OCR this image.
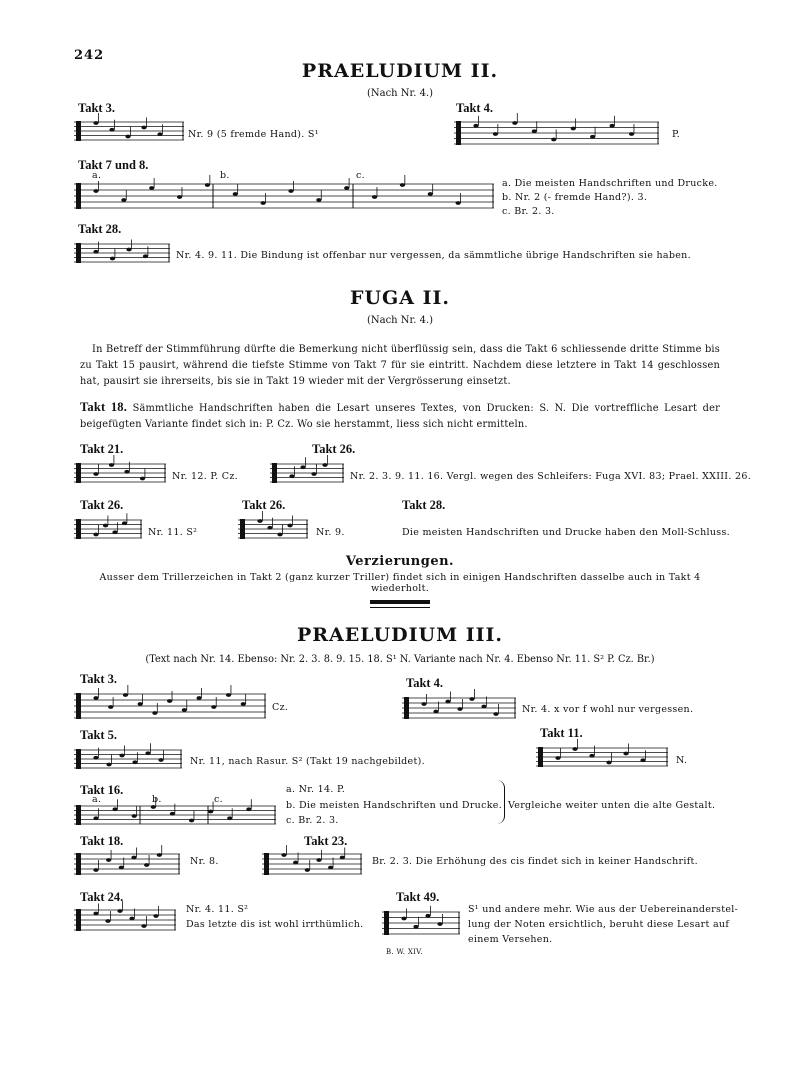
242
PRAELUDIUM II.
(Nach Nr. 4.)
Takt 3.
Nr. 9 (5 fremde Hand). S¹
Takt 4.
P.
Takt 7 und 8.
a.	b.	c.
a. Die meisten Handschriften und Drucke.
b. Nr. 2 (- fremde Hand?). 3.
c. Br. 2. 3.
Takt 28.
Nr. 4. 9. 11. Die Bindung ist offenbar nur vergessen, da sämmtliche übrige Handschriften sie haben.
FUGA II.
(Nach Nr. 4.)
In Betreff der Stimmführung dürfte die Bemerkung nicht überflüssig sein, dass die Takt 6 schliessende dritte Stimme bis zu Takt 15 pausirt, während die tiefste Stimme von Takt 7 für sie eintritt. Nachdem diese letztere in Takt 14 geschlossen hat, pausirt sie ihrerseits, bis sie in Takt 19 wieder mit der Vergrösserung einsetzt.
Takt 18. Sämmtliche Handschriften haben die Lesart unseres Textes, von Drucken: S. N. Die vortreffliche Lesart der beigefügten Variante findet sich in: P. Cz. Wo sie herstammt, liess sich nicht ermitteln.
Takt 21.
Nr. 12. P. Cz.
Takt 26.
Nr. 2. 3. 9. 11. 16. Vergl. wegen des Schleifers: Fuga XVI. 83; Prael. XXIII. 26.
Takt 26.
Nr. 11. S²
Takt 26.
Nr. 9.
Takt 28.
Die meisten Handschriften und Drucke haben den Moll-Schluss.
Verzierungen.
Ausser dem Trillerzeichen in Takt 2 (ganz kurzer Triller) findet sich in einigen Handschriften dasselbe auch in Takt 4 wiederholt.
PRAELUDIUM III.
(Text nach Nr. 14. Ebenso: Nr. 2. 3. 8. 9. 15. 18. S¹ N. Variante nach Nr. 4. Ebenso Nr. 11. S² P. Cz. Br.)
Takt 3.
Cz.
Takt 4.
Nr. 4. x vor f wohl nur vergessen.
Takt 5.
Nr. 11, nach Rasur. S² (Takt 19 nachgebildet).
Takt 11.
N.
Takt 16.
a.	b.	c.
a. Nr. 14. P.
b. Die meisten Handschriften und Drucke.
c. Br. 2. 3.
Vergleiche weiter unten die alte Gestalt.
Takt 18.
Nr. 8.
Takt 23.
Br. 2. 3. Die Erhöhung des cis findet sich in keiner Handschrift.
Takt 24.
Nr. 4. 11. S²
Das letzte dis ist wohl irrthümlich.
Takt 49.
B. W. XIV.
S¹ und andere mehr. Wie aus der Uebereinanderstel-
lung der Noten ersichtlich, beruht diese Lesart auf
einem Versehen.
